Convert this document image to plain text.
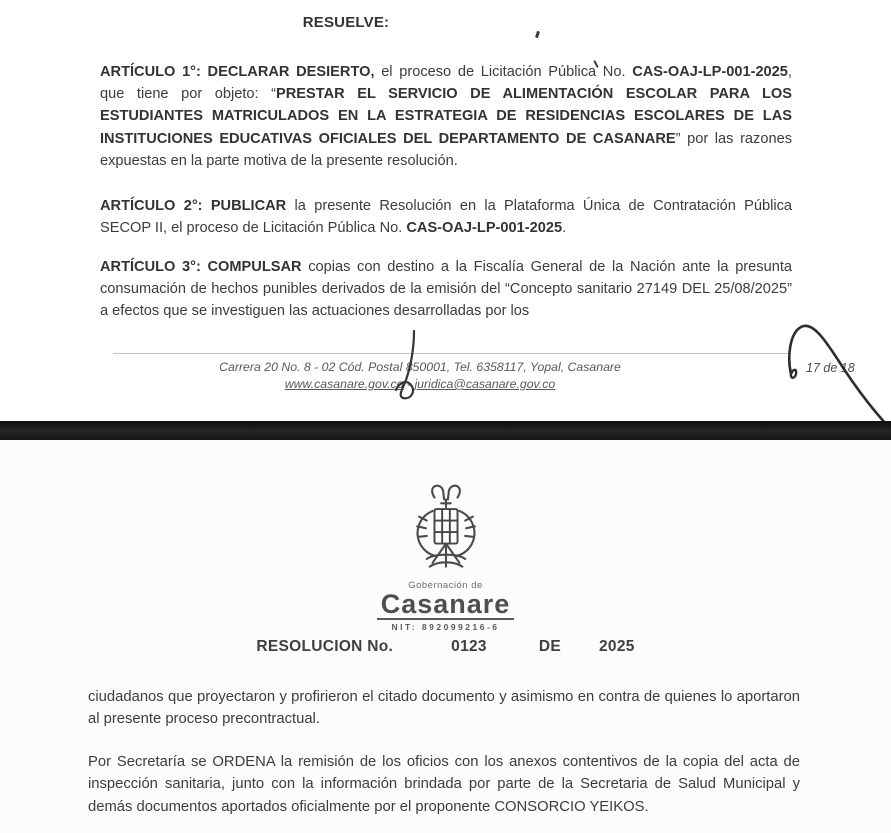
RESUELVE:

ARTÍCULO 1°: DECLARAR DESIERTO, el proceso de Licitación Pública No. CAS-OAJ-LP-001-2025, que tiene por objeto: “PRESTAR EL SERVICIO DE ALIMENTACIÓN ESCOLAR PARA LOS ESTUDIANTES MATRICULADOS EN LA ESTRATEGIA DE RESIDENCIAS ESCOLARES DE LAS INSTITUCIONES EDUCATIVAS OFICIALES DEL DEPARTAMENTO DE CASANARE” por las razones expuestas en la parte motiva de la presente resolución.

ARTÍCULO 2°: PUBLICAR la presente Resolución en la Plataforma Única de Contratación Pública SECOP II, el proceso de Licitación Pública No. CAS-OAJ-LP-001-2025.

ARTÍCULO 3°: COMPULSAR copias con destino a la Fiscalía General de la Nación ante la presunta consumación de hechos punibles derivados de la emisión del “Concepto sanitario 27149 DEL 25/08/2025” a efectos que se investiguen las actuaciones desarrolladas por los

Carrera 20 No. 8 - 02 Cód. Postal 850001, Tel. 6358117, Yopal, Casanare
www.casanare.gov.co - juridica@casanare.gov.co
17 de 18
Gobernación de
Casanare
NIT: 892099216-6
RESOLUCION No.	0123	DE 2025

ciudadanos que proyectaron y profirieron el citado documento y asimismo en contra de quienes lo aportaron al presente proceso precontractual.

Por Secretaría se ORDENA la remisión de los oficios con los anexos contentivos de la copia del acta de inspección sanitaria, junto con la información brindada por parte de la Secretaria de Salud Municipal y demás documentos aportados oficialmente por el proponente CONSORCIO YEIKOS.
